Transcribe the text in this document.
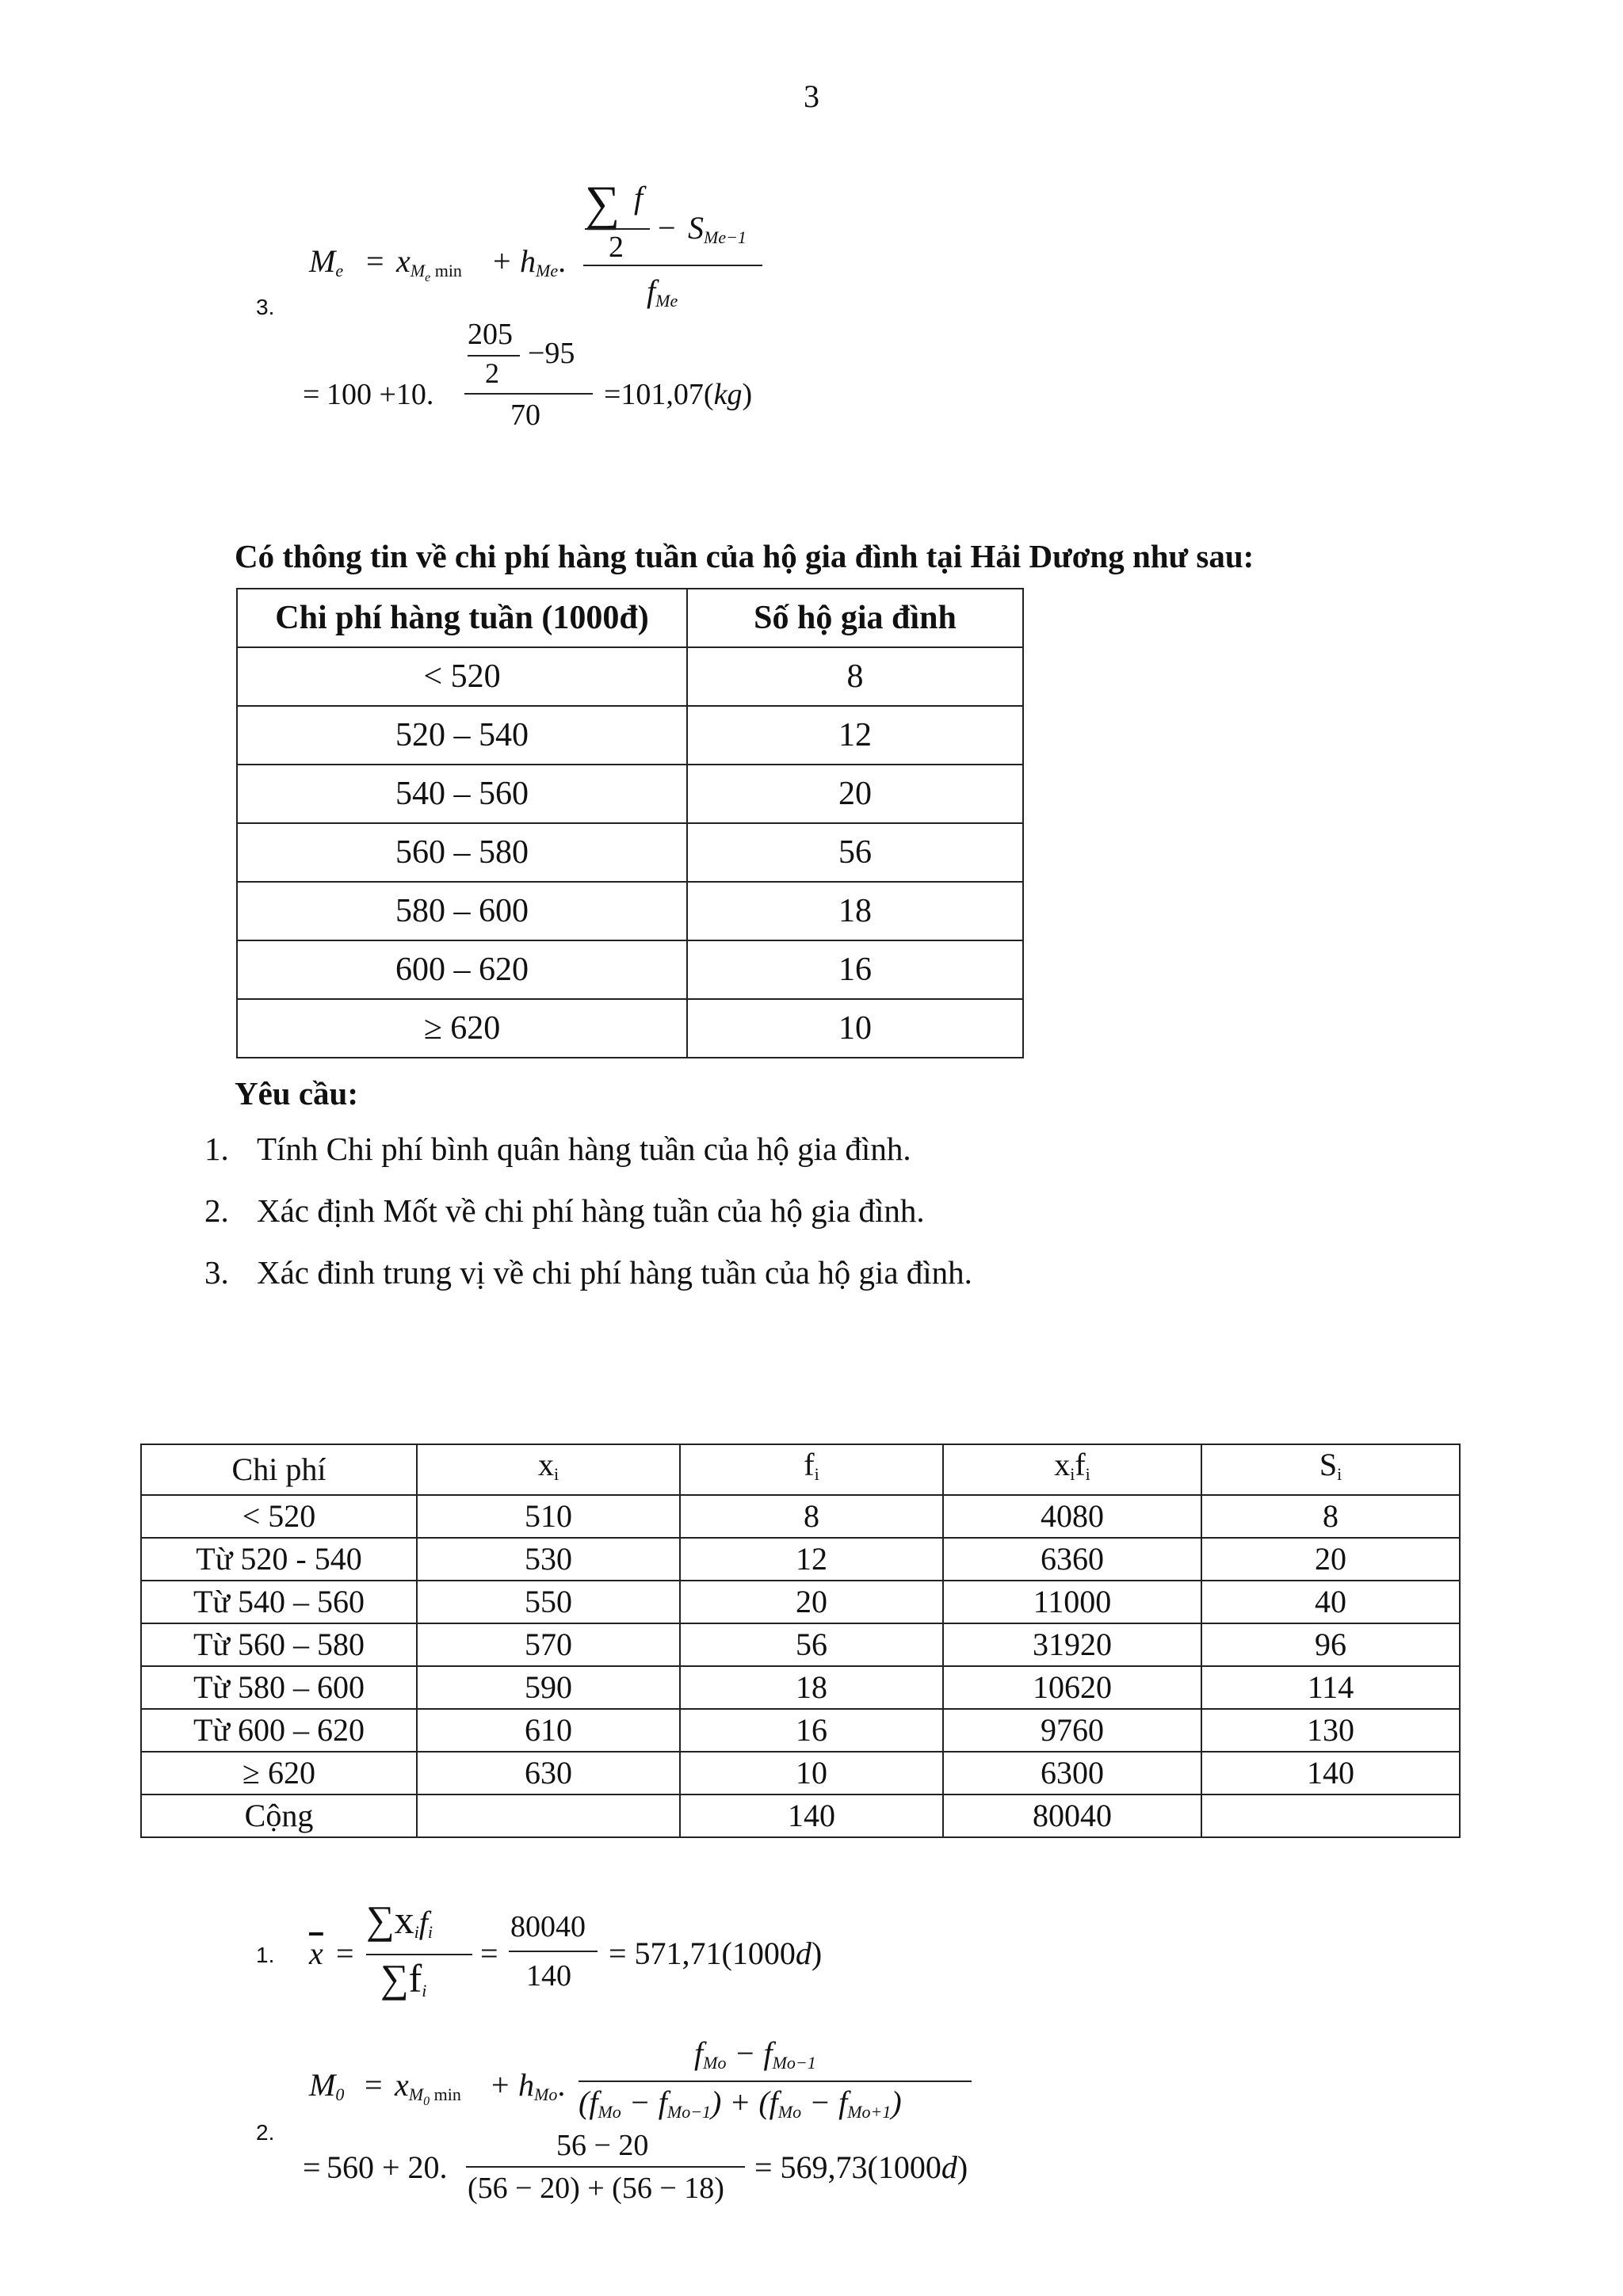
3
3.
$M_e = x_{M_e min} + h_{Me}$.
∑ f
2
− $S_{Me-1}$
$f_{Me}$
205
2
−95
= 100 +10.
70
=101,07(kg)
Có thông tin về chi phí hàng tuần của hộ gia đình tại Hải Dương như sau:
Chi phí hàng tuần (1000đ)	Số hộ gia đình
< 520	8
520 – 540	12
540 – 560	20
560 – 580	56
580 – 600	18
600 – 620	16
≥ 620	10
Yêu cầu:
1. Tính Chi phí bình quân hàng tuần của hộ gia đình.
2. Xác định Mốt về chi phí hàng tuần của hộ gia đình.
3. Xác đinh trung vị về chi phí hàng tuần của hộ gia đình.
Chi phí	$x_i$	$f_i$	$x_if_i$	$S_i$
< 520	510	8	4080	8
Từ 520 - 540	530	12	6360	20
Từ 540 – 560	550	20	11000	40
Từ 560 – 580	570	56	31920	96
Từ 580 – 600	590	18	10620	114
Từ 600 – 620	610	16	9760	130
≥ 620	630	10	6300	140
Cộng		140	80040	
1. $\overline{x}$ =
$\sum x_if_i$
$\sum f_i$
=
80040
140
= 571,71(1000d)
2.
$M_0 = x_{M_0 min} + h_{Mo}$.
$f_{Mo} - f_{Mo-1}$
$(f_{Mo} - f_{Mo-1}) + (f_{Mo} - f_{Mo+1})$
56 − 20
= 560 + 20.
(56 − 20) + (56 − 18)
= 569,73(1000d)
